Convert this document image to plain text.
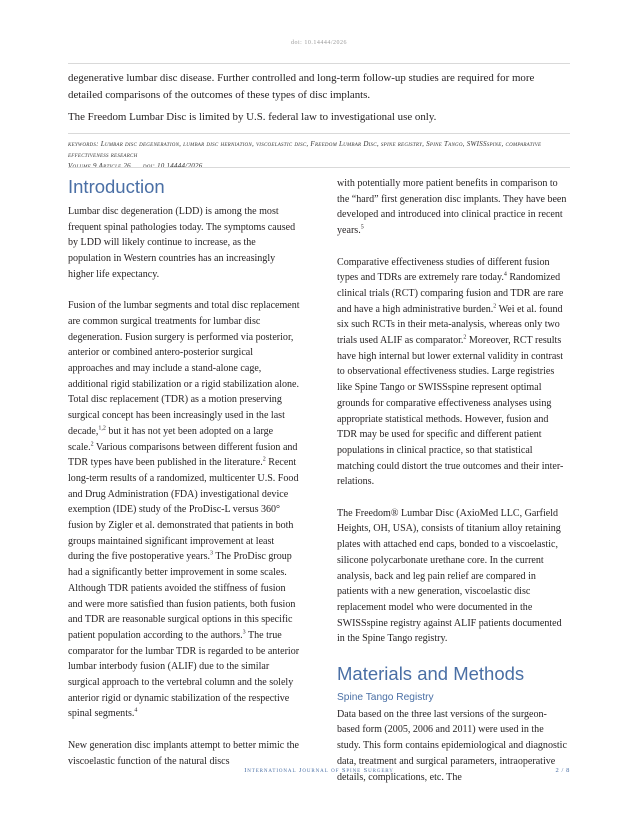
doi: 10.14444/2026

degenerative lumbar disc disease. Further controlled and long-term follow-up studies are required for more detailed comparisons of the outcomes of these types of disc implants.

The Freedom Lumbar Disc is limited by U.S. federal law to investigational use only.

keywords: Lumbar disc degeneration, lumbar disc herniation, viscoelastic disc, Freedom Lumbar Disc, spine registry, Spine Tango, SWISSspine, comparative effectiveness research
Volume 9 Article 26 doi: 10.14444/2026
Introduction

Lumbar disc degeneration (LDD) is among the most frequent spinal pathologies today. The symptoms caused by LDD will likely continue to increase, as the population in Western countries has an increasingly higher life expectancy.

Fusion of the lumbar segments and total disc replacement are common surgical treatments for lumbar disc degeneration. Fusion surgery is performed via posterior, anterior or combined antero-posterior surgical approaches and may include a stand-alone cage, additional rigid stabilization or a rigid stabilization alone. Total disc replacement (TDR) as a motion preserving surgical concept has been increasingly used in the last decade,$^{1,2}$ but it has not yet been adopted on a large scale.$^2$ Various comparisons between different fusion and TDR types have been published in the literature.$^2$ Recent long-term results of a randomized, multicenter U.S. Food and Drug Administration (FDA) investigational device exemption (IDE) study of the ProDisc-L versus 360° fusion by Zigler et al. demonstrated that patients in both groups maintained significant improvement at least during the five postoperative years.$^3$ The ProDisc group had a significantly better improvement in some scales. Although TDR patients avoided the stiffness of fusion and were more satisfied than fusion patients, both fusion and TDR are reasonable surgical options in this specific patient population according to the authors.$^3$ The true comparator for the lumbar TDR is regarded to be anterior lumbar interbody fusion (ALIF) due to the similar surgical approach to the vertebral column and the solely anterior rigid or dynamic stabilization of the respective spinal segments.$^4$

New generation disc implants attempt to better mimic the viscoelastic function of the natural discs

with potentially more patient benefits in comparison to the “hard” first generation disc implants. They have been developed and introduced into clinical practice in recent years.$^5$

Comparative effectiveness studies of different fusion types and TDRs are extremely rare today.$^4$ Randomized clinical trials (RCT) comparing fusion and TDR are rare and have a high administrative burden.$^2$ Wei et al. found six such RCTs in their meta-analysis, whereas only two trials used ALIF as comparator.$^2$ Moreover, RCT results have high internal but lower external validity in contrast to observational effectiveness studies. Large registries like Spine Tango or SWISSspine represent optimal grounds for comparative effectiveness analyses using appropriate statistical methods. However, fusion and TDR may be used for specific and different patient populations in clinical practice, so that statistical matching could distort the true outcomes and their inter-relations.

The Freedom® Lumbar Disc (AxioMed LLC, Garfield Heights, OH, USA), consists of titanium alloy retaining plates with attached end caps, bonded to a viscoelastic, silicone polycarbonate urethane core. In the current analysis, back and leg pain relief are compared in patients with a new generation, viscoelastic disc replacement model who were documented in the SWISSspine registry against ALIF patients documented in the Spine Tango registry.

Materials and Methods
Spine Tango Registry

Data based on the three last versions of the surgeon-based form (2005, 2006 and 2011) were used in the study. This form contains epidemiological and diagnostic data, treatment and surgical parameters, intraoperative details, complications, etc. The

International Journal of Spine Surgery	2 / 8
